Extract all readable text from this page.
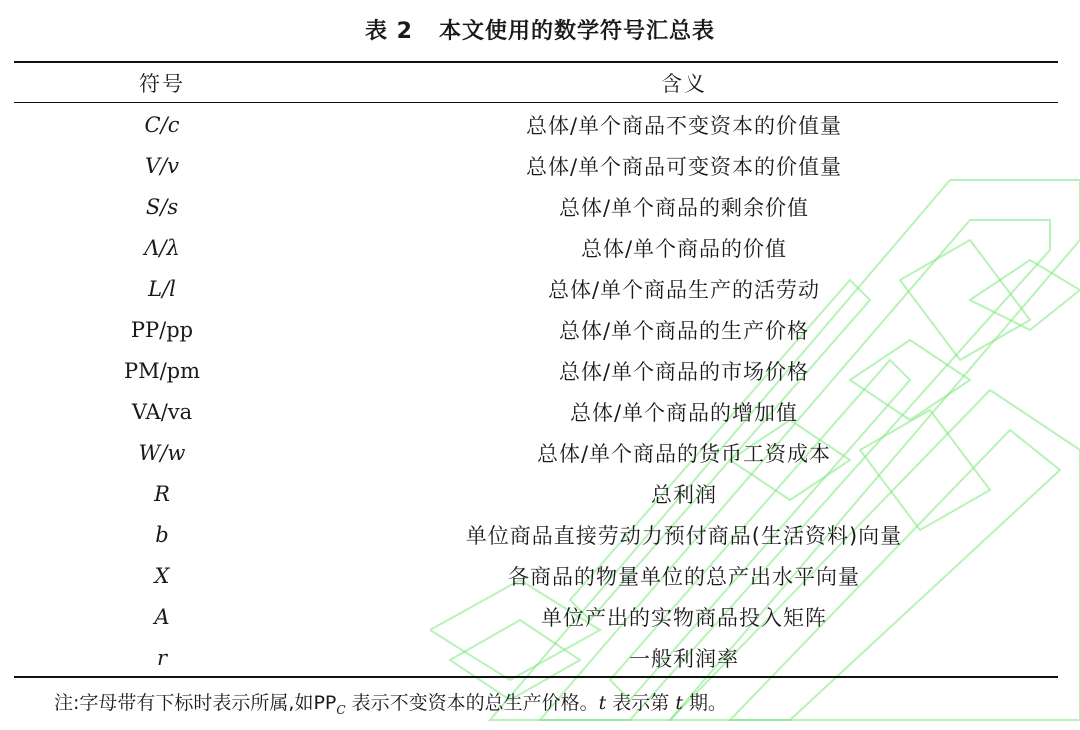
表 2 本文使用的数学符号汇总表
符号	含义
C/c	总体/单个商品不变资本的价值量
V/v	总体/单个商品可变资本的价值量
S/s	总体/单个商品的剩余价值
Λ/λ	总体/单个商品的价值
L/l	总体/单个商品生产的活劳动
PP/pp	总体/单个商品的生产价格
PM/pm	总体/单个商品的市场价格
VA/va	总体/单个商品的增加值
W/w	总体/单个商品的货币工资成本
R	总利润
b	单位商品直接劳动力预付商品(生活资料)向量
X	各商品的物量单位的总产出水平向量
A	单位产出的实物商品投入矩阵
r	一般利润率
注:字母带有下标时表示所属,如$PP_C$ 表示不变资本的总生产价格。t 表示第 t 期。
